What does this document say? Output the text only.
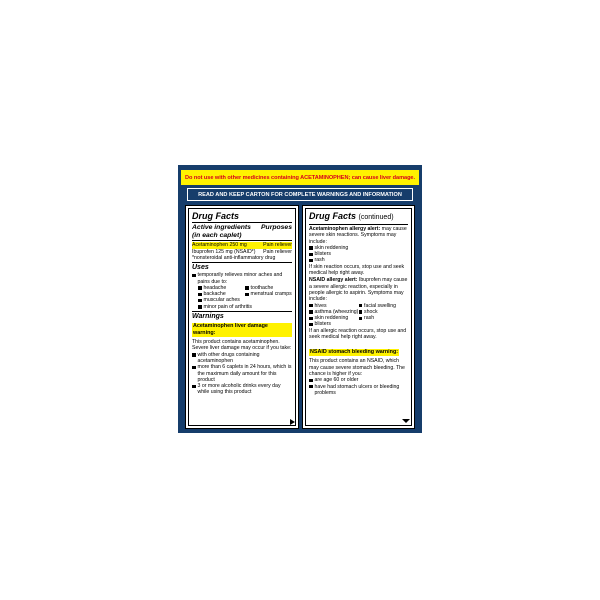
Do not use with other medicines containing ACETAMINOPHEN; can cause liver damage.
READ AND KEEP CARTON FOR COMPLETE WARNINGS AND INFORMATION
Drug Facts
Active ingredients Purposes
(in each caplet)
Acetaminophen 250 mg	Pain reliever
Ibuprofen 125 mg (NSAID*) Pain reliever
*nonsteroidal anti-inflammatory drug
Uses
temporarily relieves minor aches and pains due to:
headache	toothache
backache	menstrual cramps
muscular aches
minor pain of arthritis
Warnings
Acetaminophen liver damage warning:
This product contains acetaminophen. Severe liver damage may occur if you take:
with other drugs containing acetaminophen
more than 6 caplets in 24 hours, which is the maximum daily amount for this product
3 or more alcoholic drinks every day while using this product
Drug Facts (continued)
Acetaminophen allergy alert: may cause severe skin reactions. Symptoms may include:
skin reddening
blisters
rash
If skin reaction occurs, stop use and seek medical help right away.
NSAID allergy alert: Ibuprofen may cause a severe allergic reaction, especially in people allergic to aspirin. Symptoms may include:
hives	facial swelling
asthma (wheezing) shock
skin reddening	rash
blisters
If an allergic reaction occurs, stop use and seek medical help right away.
NSAID stomach bleeding warning:
This product contains an NSAID, which may cause severe stomach bleeding. The chance is higher if you:
are age 60 or older
have had stomach ulcers or bleeding problems
